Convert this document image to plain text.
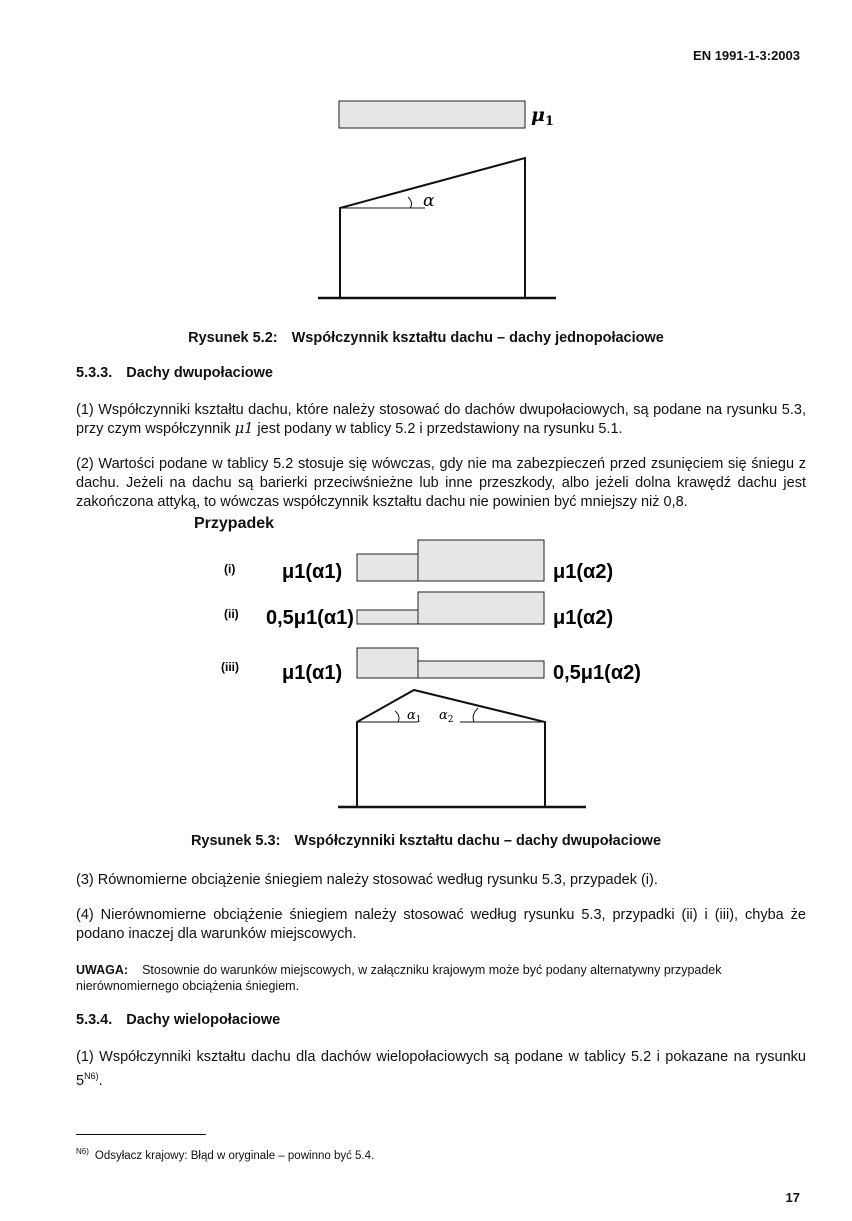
EN 1991-1-3:2003
$\mu_1$
α
Rysunek 5.2: Współczynnik kształtu dachu – dachy jednopołaciowe
5.3.3. Dachy dwupołaciowe
(1) Współczynniki kształtu dachu, które należy stosować do dachów dwupołaciowych, są podane na rysunku 5.3, przy czym współczynnik μ1 jest podany w tablicy 5.2 i przedstawiony na rysunku 5.1.
(2) Wartości podane w tablicy 5.2 stosuje się wówczas, gdy nie ma zabezpieczeń przed zsunięciem się śniegu z dachu. Jeżeli na dachu są barierki przeciwśnieżne lub inne przeszkody, albo jeżeli dolna krawędź dachu jest zakończona attyką, to wówczas współczynnik kształtu dachu nie powinien być mniejszy niż 0,8.
Przypadek
(i) μ1(α1)	μ1(α2)
(ii) 0,5μ1(α1)	μ1(α2)
(iii) μ1(α1)	0,5μ1(α2)
$\alpha_1$ $\alpha_2$
Rysunek 5.3: Współczynniki kształtu dachu – dachy dwupołaciowe
(3) Równomierne obciążenie śniegiem należy stosować według rysunku 5.3, przypadek (i).
(4) Nierównomierne obciążenie śniegiem należy stosować według rysunku 5.3, przypadki (ii) i (iii), chyba że podano inaczej dla warunków miejscowych.
UWAGA: Stosownie do warunków miejscowych, w załączniku krajowym może być podany alternatywny przypadek nierównomiernego obciążenia śniegiem.
5.3.4. Dachy wielopołaciowe
(1) Współczynniki kształtu dachu dla dachów wielopołaciowych są podane w tablicy 5.2 i pokazane na rysunku $5^{N6)}$.
$^{N6)}$ Odsyłacz krajowy: Błąd w oryginale – powinno być 5.4.
17
